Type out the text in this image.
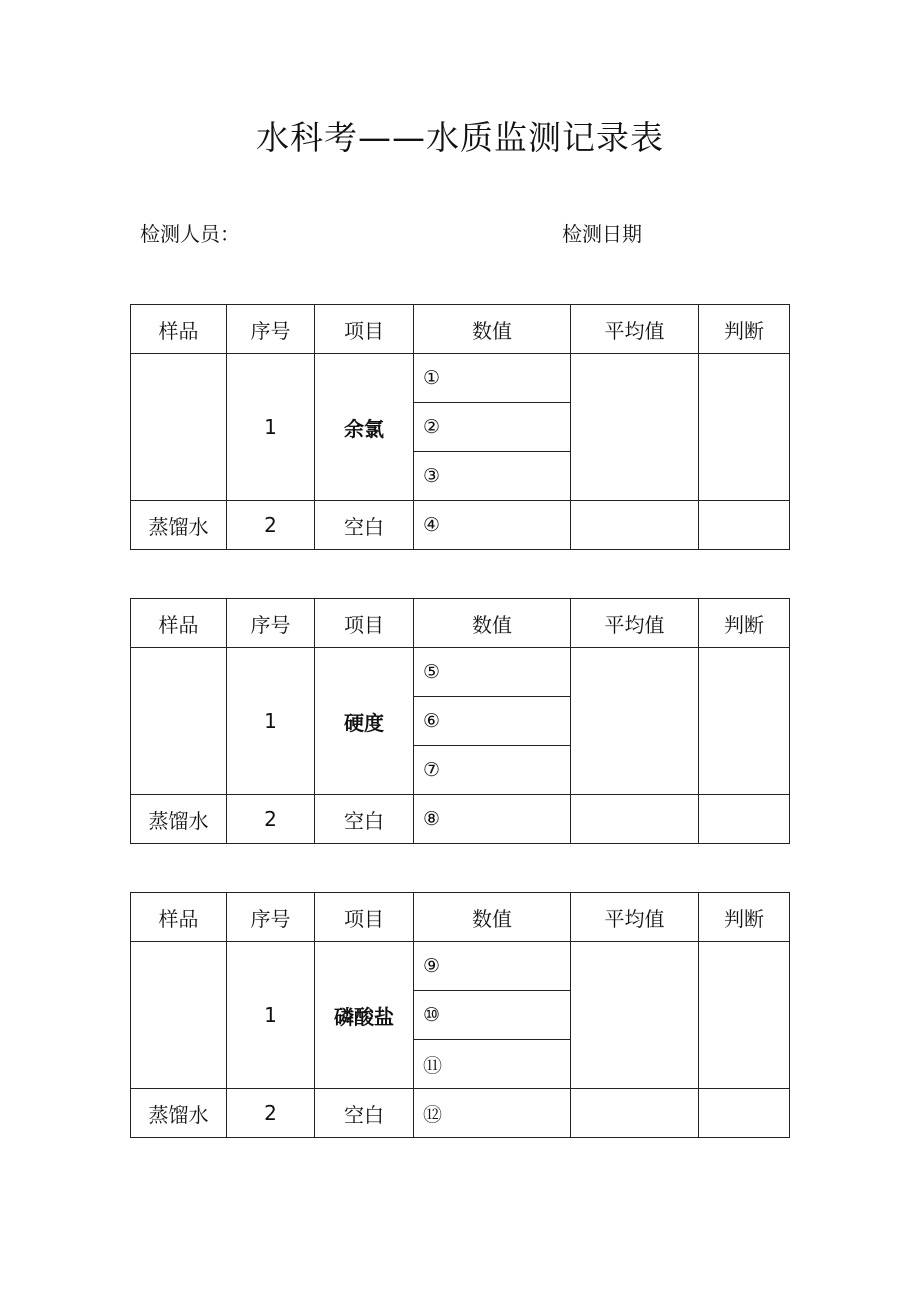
水科考——水质监测记录表
检测人员：	检测日期
样品	序号	项目	数值	平均值	判断
	1	余氯	①		
			②		
			③		
蒸馏水	2	空白	④		
样品	序号	项目	数值	平均值	判断
	1	硬度	⑤		
			⑥		
			⑦		
蒸馏水	2	空白	⑧		
样品	序号	项目	数值	平均值	判断
	1	磷酸盐	⑨		
			⑩		
			⑪		
蒸馏水	2	空白	⑫		
